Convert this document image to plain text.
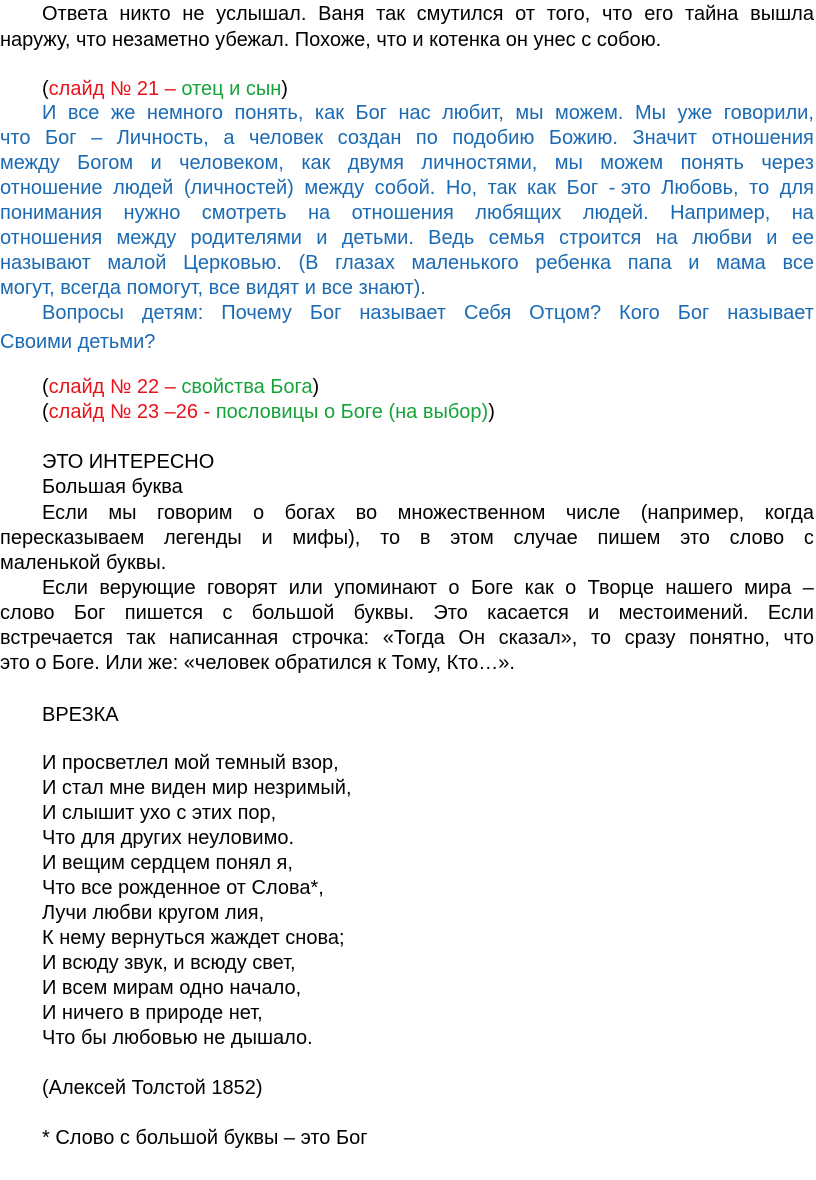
Ответа никто не услышал. Ваня так смутился от того, что его тайна вышла
наружу, что незаметно убежал. Похоже, что и котенка он унес с собою.
(слайд № 21 – отец и сын)
И все же немного понять, как Бог нас любит, мы можем. Мы уже говорили,
что Бог – Личность, а человек создан по подобию Божию. Значит отношения
между Богом и человеком, как двумя личностями, мы можем понять через
отношение людей (личностей) между собой. Но, так как Бог - это Любовь, то для
понимания нужно смотреть на отношения любящих людей. Например, на
отношения между родителями и детьми. Ведь семья строится на любви и ее
называют малой Церковью. (В глазах маленького ребенка папа и мама все
могут, всегда помогут, все видят и все знают).
Вопросы детям: Почему Бог называет Себя Отцом? Кого Бог называет
Своими детьми?
(слайд № 22 – свойства Бога)
(слайд № 23 –26 - пословицы о Боге (на выбор))
ЭТО ИНТЕРЕСНО
Большая буква
Если мы говорим о богах во множественном числе (например, когда
пересказываем легенды и мифы), то в этом случае пишем это слово с
маленькой буквы.
Если верующие говорят или упоминают о Боге как о Творце нашего мира –
слово Бог пишется с большой буквы. Это касается и местоимений. Если
встречается так написанная строчка: «Тогда Он сказал», то сразу понятно, что
это о Боге. Или же: «человек обратился к Тому, Кто…».
ВРЕЗКА
И просветлел мой темный взор,
И стал мне виден мир незримый,
И слышит ухо с этих пор,
Что для других неуловимо.
И вещим сердцем понял я,
Что все рожденное от Слова*,
Лучи любви кругом лия,
К нему вернуться жаждет снова;
И всюду звук, и всюду свет,
И всем мирам одно начало,
И ничего в природе нет,
Что бы любовью не дышало.
(Алексей Толстой 1852)
* Слово с большой буквы – это Бог
